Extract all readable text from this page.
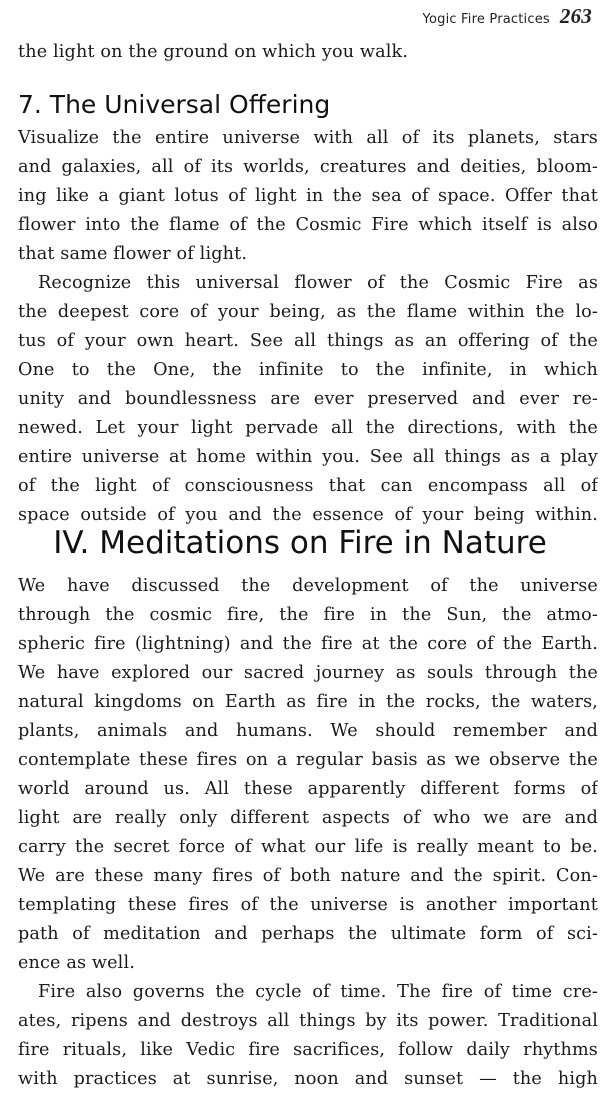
Yogic Fire Practices 263
the light on the ground on which you walk.
7. The Universal Offering
Visualize the entire universe with all of its planets, stars
and galaxies, all of its worlds, creatures and deities, bloom-
ing like a giant lotus of light in the sea of space. Offer that
flower into the flame of the Cosmic Fire which itself is also
that same flower of light.
Recognize this universal flower of the Cosmic Fire as
the deepest core of your being, as the flame within the lo-
tus of your own heart. See all things as an offering of the
One to the One, the infinite to the infinite, in which
unity and boundlessness are ever preserved and ever re-
newed. Let your light pervade all the directions, with the
entire universe at home within you. See all things as a play
of the light of consciousness that can encompass all of
space outside of you and the essence of your being within.
IV. Meditations on Fire in Nature
We have discussed the development of the universe
through the cosmic fire, the fire in the Sun, the atmo-
spheric fire (lightning) and the fire at the core of the Earth.
We have explored our sacred journey as souls through the
natural kingdoms on Earth as fire in the rocks, the waters,
plants, animals and humans. We should remember and
contemplate these fires on a regular basis as we observe the
world around us. All these apparently different forms of
light are really only different aspects of who we are and
carry the secret force of what our life is really meant to be.
We are these many fires of both nature and the spirit. Con-
templating these fires of the universe is another important
path of meditation and perhaps the ultimate form of sci-
ence as well.
Fire also governs the cycle of time. The fire of time cre-
ates, ripens and destroys all things by its power. Traditional
fire rituals, like Vedic fire sacrifices, follow daily rhythms
with practices at sunrise, noon and sunset — the high
